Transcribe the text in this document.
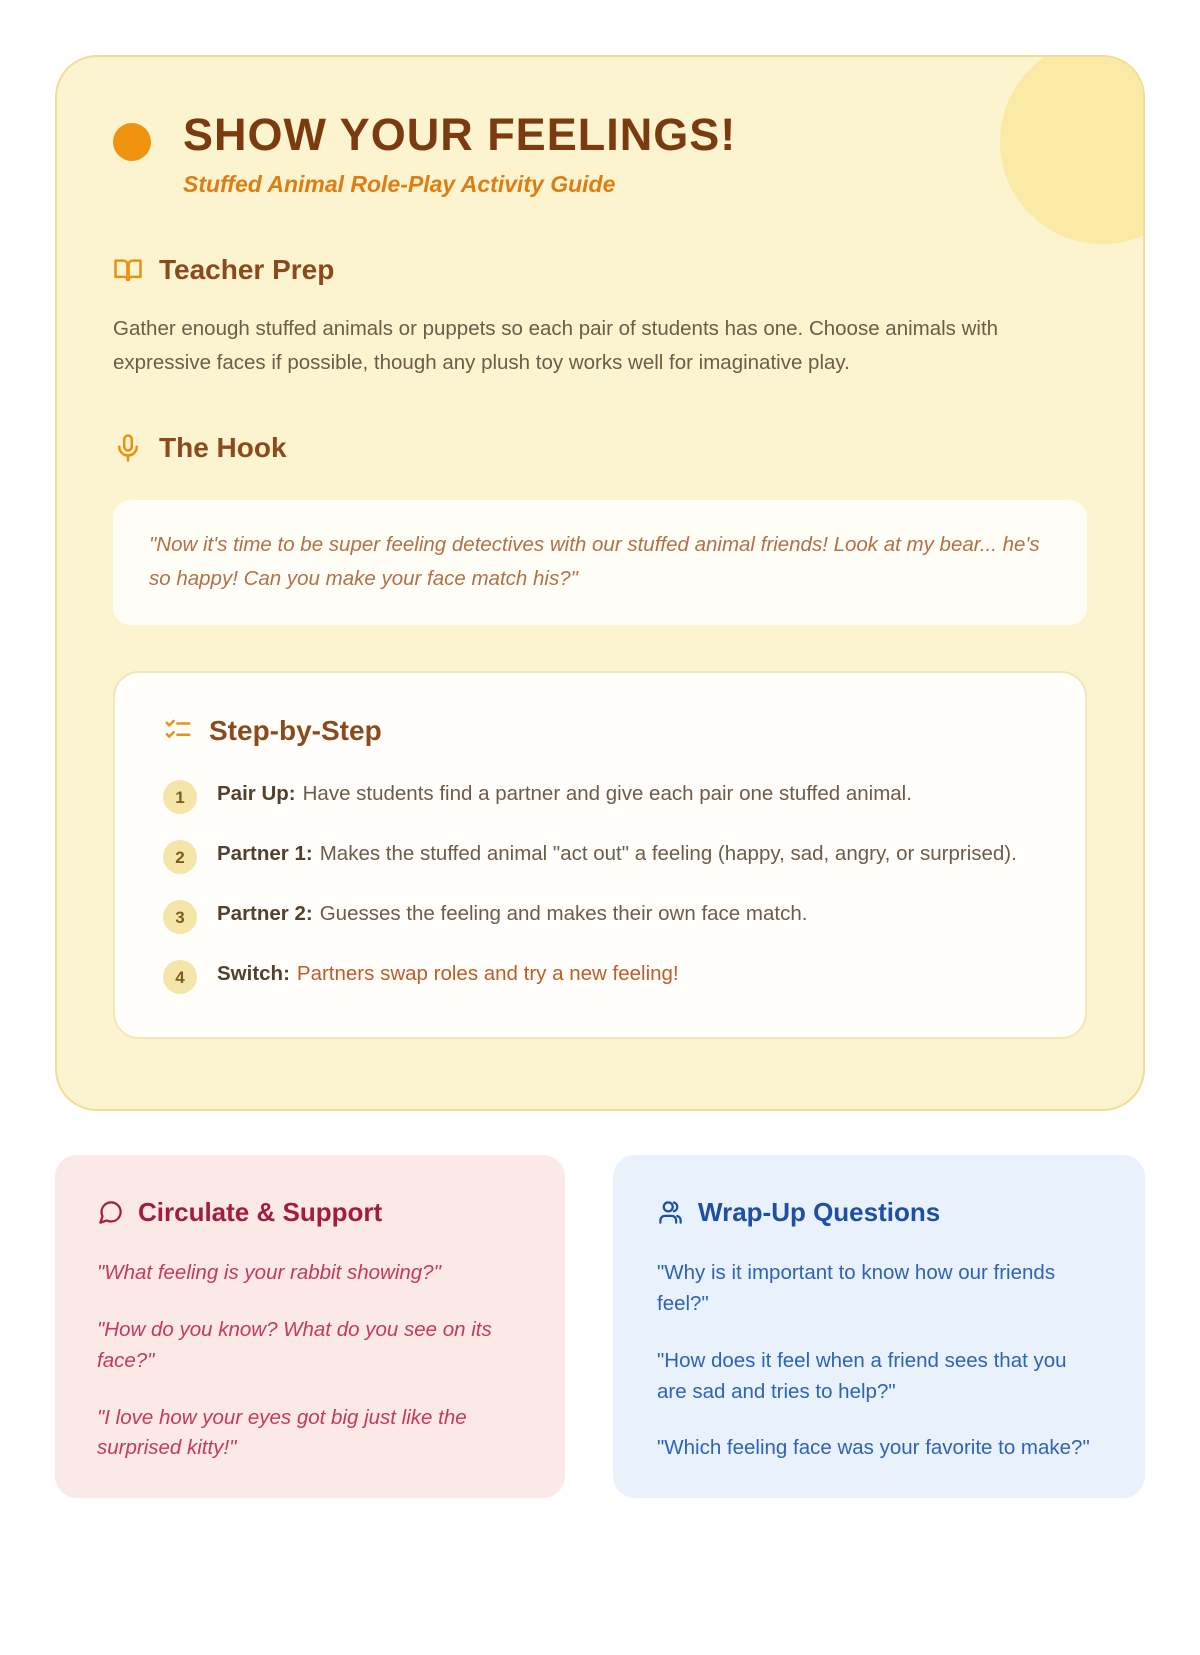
SHOW YOUR FEELINGS!

Stuffed Animal Role-Play Activity Guide

Teacher Prep

Gather enough stuffed animals or puppets so each pair of students has one. Choose animals with expressive faces if possible, though any plush toy works well for imaginative play.

The Hook
"Now it's time to be super feeling detectives with our stuffed animal friends! Look at my bear... he's so happy! Can you make your face match his?"
Step-by-Step
1	Pair Up: Have students find a partner and give each pair one stuffed animal.
2	Partner 1: Makes the stuffed animal "act out" a feeling (happy, sad, angry, or surprised).
3	Partner 2: Guesses the feeling and makes their own face match.
4	Switch: Partners swap roles and try a new feeling!
Circulate & Support

"What feeling is your rabbit showing?"

"How do you know? What do you see on its face?"

"I love how your eyes got big just like the surprised kitty!"

Wrap-Up Questions

"Why is it important to know how our friends feel?"

"How does it feel when a friend sees that you are sad and tries to help?"

"Which feeling face was your favorite to make?"
